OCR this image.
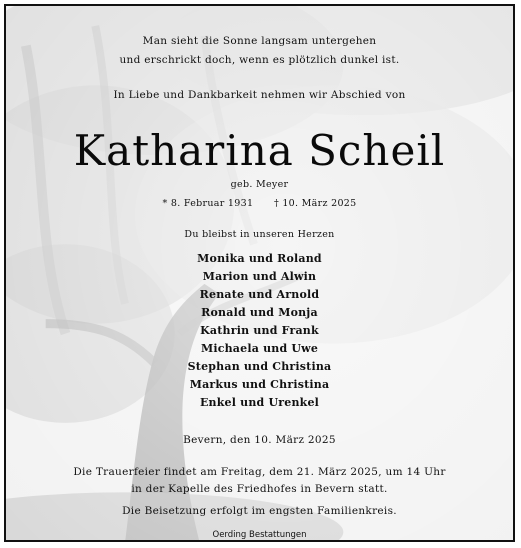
Man sieht die Sonne langsam untergehen
und erschrickt doch, wenn es plötzlich dunkel ist.
In Liebe und Dankbarkeit nehmen wir Abschied von
Katharina Scheil
geb. Meyer
* 8. Februar 1931 † 10. März 2025
Du bleibst in unseren Herzen
Monika und Roland
Marion und Alwin
Renate und Arnold
Ronald und Monja
Kathrin und Frank
Michaela und Uwe
Stephan und Christina
Markus und Christina
Enkel und Urenkel
Bevern, den 10. März 2025
Die Trauerfeier findet am Freitag, dem 21. März 2025, um 14 Uhr
in der Kapelle des Friedhofes in Bevern statt.
Die Beisetzung erfolgt im engsten Familienkreis.
Oerding Bestattungen
